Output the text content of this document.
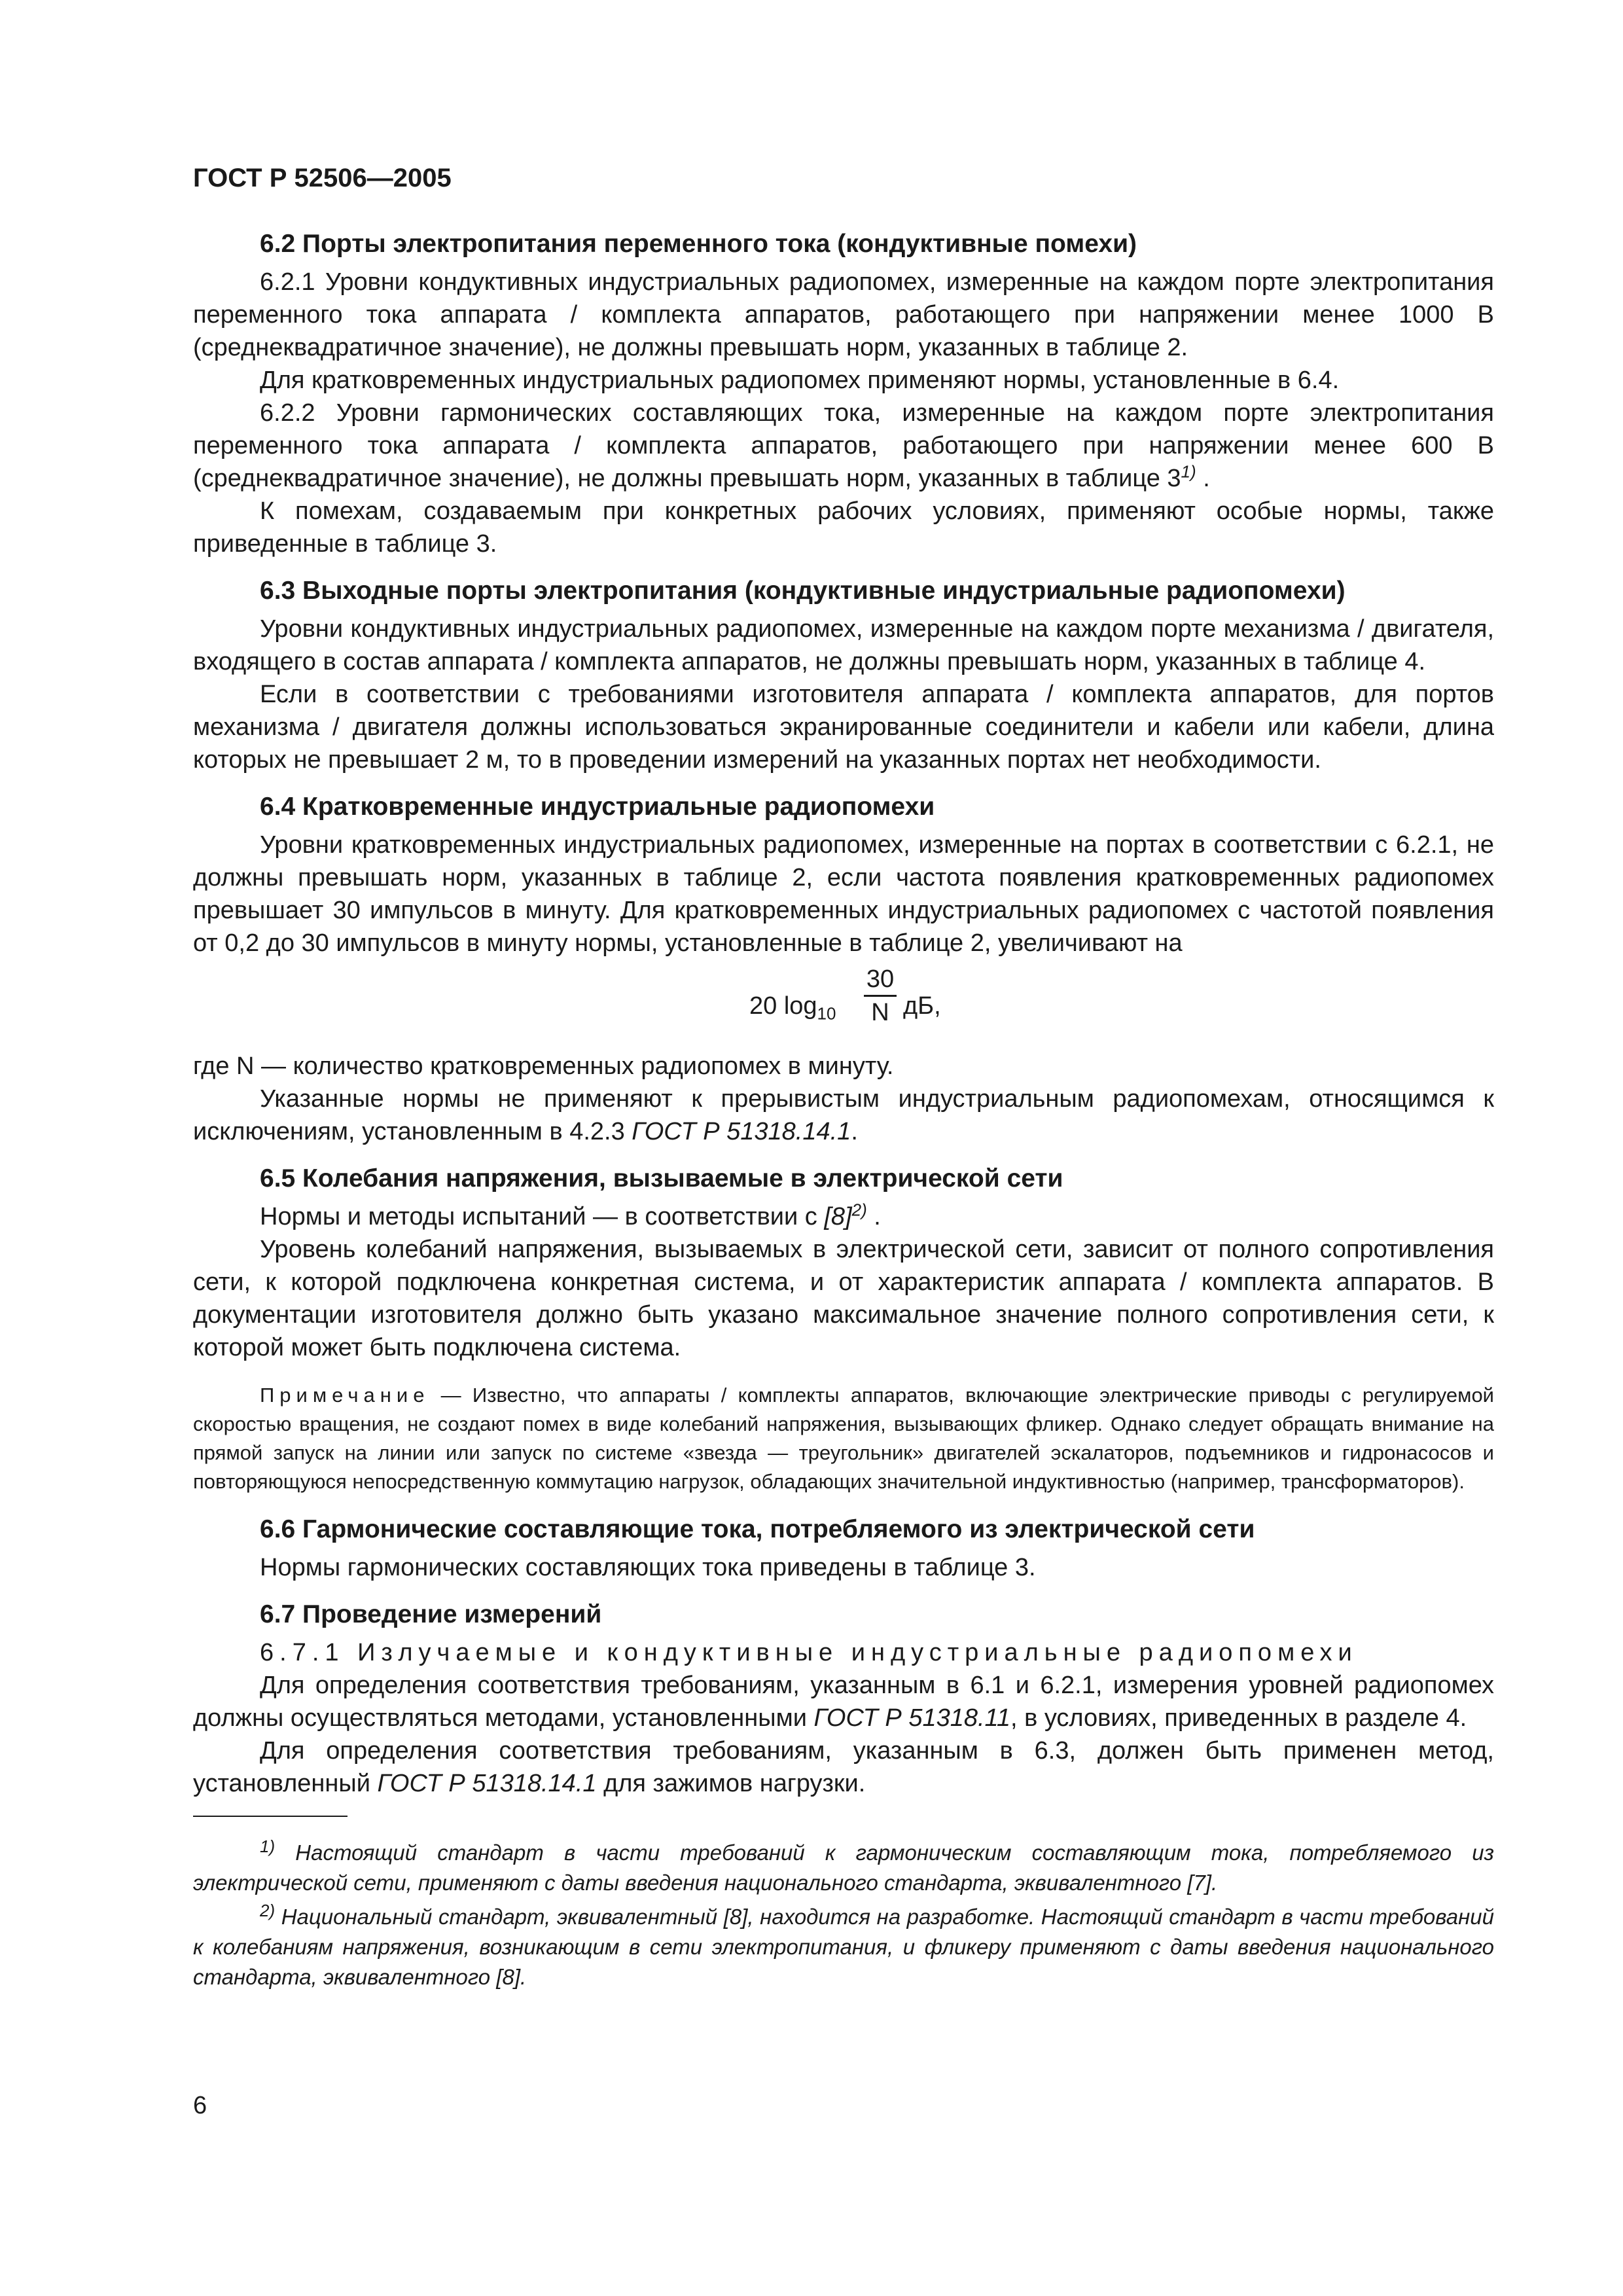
ГОСТ Р 52506—2005
6.2 Порты электропитания переменного тока (кондуктивные помехи)

6.2.1 Уровни кондуктивных индустриальных радиопомех, измеренные на каждом порте электропитания переменного тока аппарата / комплекта аппаратов, работающего при напряжении менее 1000 В (среднеквадратичное значение), не должны превышать норм, указанных в таблице 2.

Для кратковременных индустриальных радиопомех применяют нормы, установленные в 6.4.

6.2.2 Уровни гармонических составляющих тока, измеренные на каждом порте электропитания переменного тока аппарата / комплекта аппаратов, работающего при напряжении менее 600 В (среднеквадратичное значение), не должны превышать норм, указанных в таблице 3$^{1)}$ .

К помехам, создаваемым при конкретных рабочих условиях, применяют особые нормы, также приведенные в таблице 3.

6.3 Выходные порты электропитания (кондуктивные индустриальные радиопомехи)

Уровни кондуктивных индустриальных радиопомех, измеренные на каждом порте механизма / двигателя, входящего в состав аппарата / комплекта аппаратов, не должны превышать норм, указанных в таблице 4.

Если в соответствии с требованиями изготовителя аппарата / комплекта аппаратов, для портов механизма / двигателя должны использоваться экранированные соединители и кабели или кабели, длина которых не превышает 2 м, то в проведении измерений на указанных портах нет необходимости.

6.4 Кратковременные индустриальные радиопомехи

Уровни кратковременных индустриальных радиопомех, измеренные на портах в соответствии с 6.2.1, не должны превышать норм, указанных в таблице 2, если частота появления кратковременных радиопомех превышает 30 импульсов в минуту. Для кратковременных индустриальных радиопомех с частотой появления от 0,2 до 30 импульсов в минуту нормы, установленные в таблице 2, увеличивают на

20 $\log_{10}$
30
N дБ,

где N — количество кратковременных радиопомех в минуту.

Указанные нормы не применяют к прерывистым индустриальным радиопомехам, относящимся к исключениям, установленным в 4.2.3 ГОСТ Р 51318.14.1.

6.5 Колебания напряжения, вызываемые в электрической сети

Нормы и методы испытаний — в соответствии с $[8]^{2)}$ .

Уровень колебаний напряжения, вызываемых в электрической сети, зависит от полного сопротивления сети, к которой подключена конкретная система, и от характеристик аппарата / комплекта аппаратов. В документации изготовителя должно быть указано максимальное значение полного сопротивления сети, к которой может быть подключена система.

Примечание — Известно, что аппараты / комплекты аппаратов, включающие электрические приводы с регулируемой скоростью вращения, не создают помех в виде колебаний напряжения, вызывающих фликер. Однако следует обращать внимание на прямой запуск на линии или запуск по системе «звезда — треугольник» двигателей эскалаторов, подъемников и гидронасосов и повторяющуюся непосредственную коммутацию нагрузок, обладающих значительной индуктивностью (например, трансформаторов).
6.6 Гармонические составляющие тока, потребляемого из электрической сети

Нормы гармонических составляющих тока приведены в таблице 3.

6.7 Проведение измерений

6.7.1 Излучаемые и кондуктивные индустриальные радиопомехи

Для определения соответствия требованиям, указанным в 6.1 и 6.2.1, измерения уровней радиопомех должны осуществляться методами, установленными ГОСТ Р 51318.11, в условиях, приведенных в разделе 4.

Для определения соответствия требованиям, указанным в 6.3, должен быть применен метод, установленный ГОСТ Р 51318.14.1 для зажимов нагрузки.

$^{1)}$ Настоящий стандарт в части требований к гармоническим составляющим тока, потребляемого из электрической сети, применяют с даты введения национального стандарта, эквивалентного [7].

$^{2)}$ Национальный стандарт, эквивалентный [8], находится на разработке. Настоящий стандарт в части требований к колебаниям напряжения, возникающим в сети электропитания, и фликеру применяют с даты введения национального стандарта, эквивалентного [8].

6
